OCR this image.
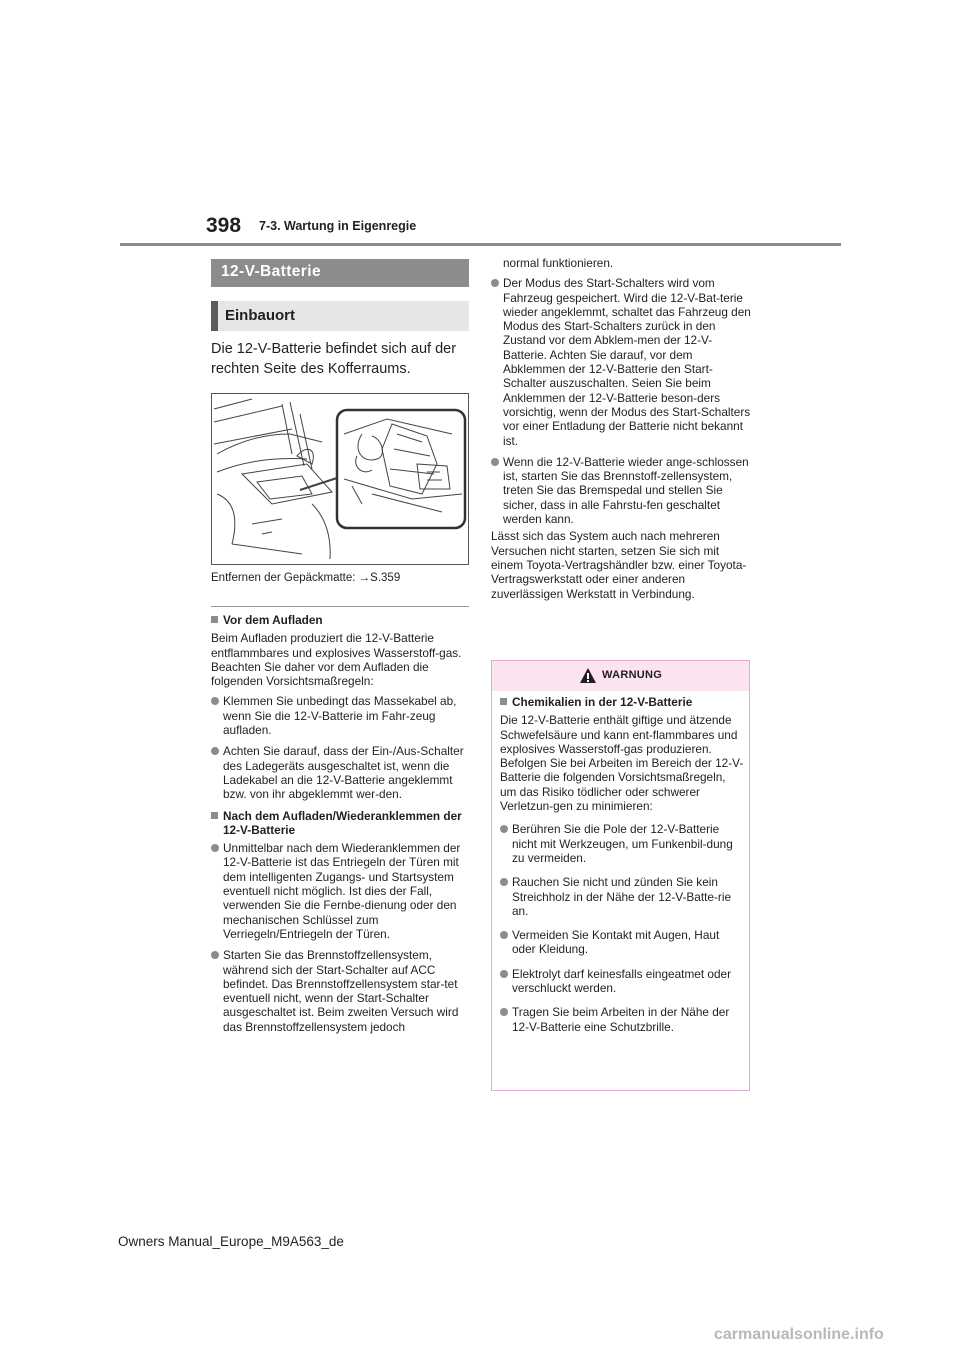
398 7-3. Wartung in Eigenregie
12-V-Batterie
Einbauort
Die 12-V-Batterie befindet sich auf der rechten Seite des Kofferraums.
Entfernen der Gepäckmatte: →S.359
Vor dem Aufladen

Beim Aufladen produziert die 12-V-Batterie entflammbares und explosives Wasserstoff-gas. Beachten Sie daher vor dem Aufladen die folgenden Vorsichtsmaßregeln:

Klemmen Sie unbedingt das Massekabel ab, wenn Sie die 12-V-Batterie im Fahr-zeug aufladen.
Achten Sie darauf, dass der Ein-/Aus-Schalter des Ladegeräts ausgeschaltet ist, wenn die Ladekabel an die 12-V-Batterie angeklemmt bzw. von ihr abgeklemmt wer-den.
Nach dem Aufladen/Wiederanklemmen der 12-V-Batterie
Unmittelbar nach dem Wiederanklemmen der 12-V-Batterie ist das Entriegeln der Türen mit dem intelligenten Zugangs- und Startsystem eventuell nicht möglich. Ist dies der Fall, verwenden Sie die Fernbe-dienung oder den mechanischen Schlüssel zum Verriegeln/Entriegeln der Türen.
Starten Sie das Brennstoffzellensystem, während sich der Start-Schalter auf ACC befindet. Das Brennstoffzellensystem star-tet eventuell nicht, wenn der Start-Schalter ausgeschaltet ist. Beim zweiten Versuch wird das Brennstoffzellensystem jedoch

normal funktionieren.

Der Modus des Start-Schalters wird vom Fahrzeug gespeichert. Wird die 12-V-Bat-terie wieder angeklemmt, schaltet das Fahrzeug den Modus des Start-Schalters zurück in den Zustand vor dem Abklem-men der 12-V-Batterie. Achten Sie darauf, vor dem Abklemmen der 12-V-Batterie den Start-Schalter auszuschalten. Seien Sie beim Anklemmen der 12-V-Batterie beson-ders vorsichtig, wenn der Modus des Start-Schalters vor einer Entladung der Batterie nicht bekannt ist.
Wenn die 12-V-Batterie wieder ange-schlossen ist, starten Sie das Brennstoff-zellensystem, treten Sie das Bremspedal und stellen Sie sicher, dass in alle Fahrstu-fen geschaltet werden kann.

Lässt sich das System auch nach mehreren Versuchen nicht starten, setzen Sie sich mit einem Toyota-Vertragshändler bzw. einer Toyota-Vertragswerkstatt oder einer anderen zuverlässigen Werkstatt in Verbindung.

WARNUNG
Chemikalien in der 12-V-Batterie

Die 12-V-Batterie enthält giftige und ätzende Schwefelsäure und kann ent-flammbares und explosives Wasserstoff-gas produzieren. Befolgen Sie bei Arbeiten im Bereich der 12-V-Batterie die folgenden Vorsichtsmaßregeln, um das Risiko tödlicher oder schwerer Verletzun-gen zu minimieren:

Berühren Sie die Pole der 12-V-Batterie nicht mit Werkzeugen, um Funkenbil-dung zu vermeiden.
Rauchen Sie nicht und zünden Sie kein Streichholz in der Nähe der 12-V-Batte-rie an.
Vermeiden Sie Kontakt mit Augen, Haut oder Kleidung.
Elektrolyt darf keinesfalls eingeatmet oder verschluckt werden.
Tragen Sie beim Arbeiten in der Nähe der 12-V-Batterie eine Schutzbrille.
Owners Manual_Europe_M9A563_de
carmanualsonline.info
